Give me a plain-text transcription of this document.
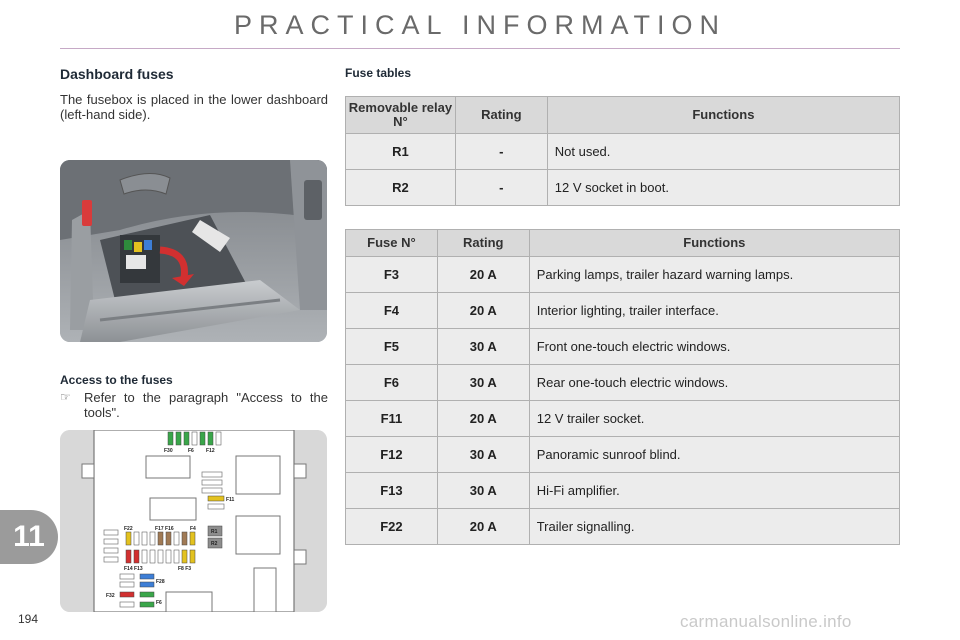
PRACTICAL INFORMATION
Dashboard fuses
The fusebox is placed in the lower dashboard (left-hand side).
Access to the fuses
☞ Refer to the paragraph "Access to the tools".
F30	F6 F12
F11
F22	F17 F16	F4	R1
R2
F14 F13	F8 F3
F28
F32
F6
Fuse tables
Removable relay N°	Rating	Functions
R1	-	Not used.
R2	-	12 V socket in boot.
Fuse N°	Rating	Functions
F3	20 A	Parking lamps, trailer hazard warning lamps.
F4	20 A	Interior lighting, trailer interface.
F5	30 A	Front one-touch electric windows.
F6	30 A	Rear one-touch electric windows.
F11	20 A	12 V trailer socket.
F12	30 A	Panoramic sunroof blind.
F13	30 A	Hi-Fi amplifier.
F22	20 A	Trailer signalling.
11
194	carmanualsonline.info
